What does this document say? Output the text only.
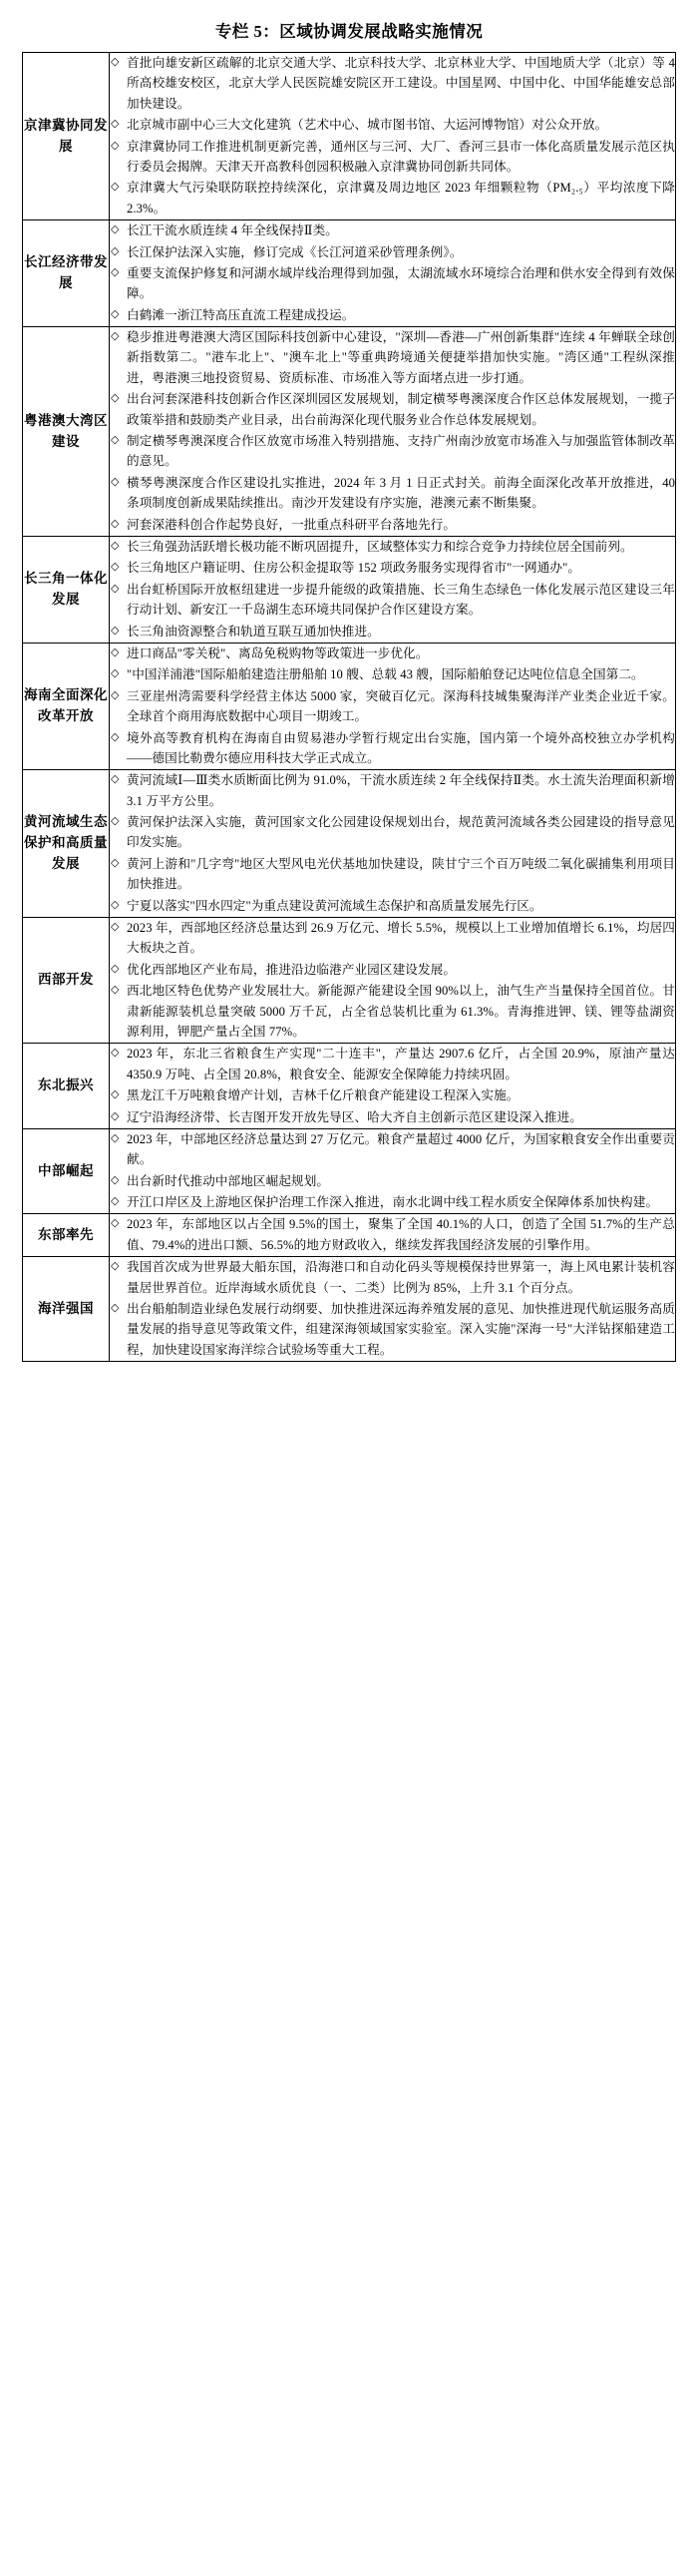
专栏 5：区域协调发展战略实施情况
京津冀协同发展	
◇ 首批向雄安新区疏解的北京交通大学、北京科技大学、北京林业大学、中国地质大学（北京）等 4 所高校雄安校区，北京大学人民医院雄安院区开工建设。中国星网、中国中化、中国华能雄安总部加快建设。
◇ 北京城市副中心三大文化建筑（艺术中心、城市图书馆、大运河博物馆）对公众开放。
◇ 京津冀协同工作推进机制更新完善，通州区与三河、大厂、香河三县市一体化高质量发展示范区执行委员会揭牌。天津天开高教科创园积极融入京津冀协同创新共同体。
◇ 京津冀大气污染联防联控持续深化，京津冀及周边地区 2023 年细颗粒物（PM₂.₅）平均浓度下降 2.3%。

长江经济带发展	
◇ 长江干流水质连续 4 年全线保持Ⅱ类。
◇ 长江保护法深入实施，修订完成《长江河道采砂管理条例》。
◇ 重要支流保护修复和河湖水域岸线治理得到加强，太湖流域水环境综合治理和供水安全得到有效保障。
◇ 白鹤滩一浙江特高压直流工程建成投运。

粤港澳大湾区建设	
◇ 稳步推进粤港澳大湾区国际科技创新中心建设，"深圳—香港—广州创新集群"连续 4 年蝉联全球创新指数第二。"港车北上"、"澳车北上"等重典跨境通关便捷举措加快实施。"湾区通"工程纵深推进，粤港澳三地投资贸易、资质标准、市场准入等方面堵点进一步打通。
◇ 出台河套深港科技创新合作区深圳园区发展规划，制定横琴粤澳深度合作区总体发展规划，一揽子政策举措和鼓励类产业目录，出台前海深化现代服务业合作总体发展规划。
◇ 制定横琴粤澳深度合作区放宽市场准入特别措施、支持广州南沙放宽市场准入与加强监管体制改革的意见。
◇ 横琴粤澳深度合作区建设扎实推进，2024 年 3 月 1 日正式封关。前海全面深化改革开放推进，40 条项制度创新成果陆续推出。南沙开发建设有序实施，港澳元素不断集聚。
◇ 河套深港科创合作起势良好，一批重点科研平台落地先行。

长三角一体化发展	
◇ 长三角强劲活跃增长极功能不断巩固提升，区域整体实力和综合竞争力持续位居全国前列。
◇ 长三角地区户籍证明、住房公积金提取等 152 项政务服务实现得省市"一网通办"。
◇ 出台虹桥国际开放枢纽建进一步提升能级的政策措施、长三角生态绿色一体化发展示范区建设三年行动计划、新安江一千岛湖生态环境共同保护合作区建设方案。
◇ 长三角油资源整合和轨道互联互通加快推进。

海南全面深化改革开放	
◇ 进口商品"零关税"、离岛免税购物等政策进一步优化。
◇ "中国洋浦港"国际船舶建造注册船舶 10 艘、总载 43 艘，国际船舶登记达吨位信息全国第二。
◇ 三亚崖州湾需要科学经营主体达 5000 家，突破百亿元。深海科技城集聚海洋产业类企业近千家。全球首个商用海底数据中心项目一期竣工。
◇ 境外高等教育机构在海南自由贸易港办学暂行规定出台实施，国内第一个境外高校独立办学机构——德国比勒费尔德应用科技大学正式成立。

黄河流域生态保护和高质量发展	
◇ 黄河流域Ⅰ—Ⅲ类水质断面比例为 91.0%，干流水质连续 2 年全线保持Ⅱ类。水土流失治理面积新增 3.1 万平方公里。
◇ 黄河保护法深入实施，黄河国家文化公园建设保规划出台，规范黄河流域各类公园建设的指导意见印发实施。
◇ 黄河上游和"几字弯"地区大型风电光伏基地加快建设，陕甘宁三个百万吨级二氧化碳捕集利用项目加快推进。
◇ 宁夏以落实"四水四定"为重点建设黄河流域生态保护和高质量发展先行区。

西部开发	
◇ 2023 年，西部地区经济总量达到 26.9 万亿元、增长 5.5%，规模以上工业增加值增长 6.1%，均居四大板块之首。
◇ 优化西部地区产业布局，推进沿边临港产业园区建设发展。
◇ 西北地区特色优势产业发展壮大。新能源产能建设全国 90%以上，油气生产当量保持全国首位。甘肃新能源装机总量突破 5000 万千瓦，占全省总装机比重为 61.3%。青海推进钾、镁、锂等盐湖资源利用，钾肥产量占全国 77%。

东北振兴	
◇ 2023 年，东北三省粮食生产实现"二十连丰"，产量达 2907.6 亿斤，占全国 20.9%，原油产量达 4350.9 万吨、占全国 20.8%，粮食安全、能源安全保障能力持续巩固。
◇ 黑龙江千万吨粮食增产计划，吉林千亿斤粮食产能建设工程深入实施。
◇ 辽宁沿海经济带、长吉图开发开放先导区、哈大齐自主创新示范区建设深入推进。

中部崛起	
◇ 2023 年，中部地区经济总量达到 27 万亿元。粮食产量超过 4000 亿斤，为国家粮食安全作出重要贡献。
◇ 出台新时代推动中部地区崛起规划。
◇ 开江口岸区及上游地区保护治理工作深入推进，南水北调中线工程水质安全保障体系加快构建。

东部率先	
◇ 2023 年，东部地区以占全国 9.5%的国土，聚集了全国 40.1%的人口，创造了全国 51.7%的生产总值、79.4%的进出口额、56.5%的地方财政收入，继续发挥我国经济发展的引擎作用。

海洋强国	
◇ 我国首次成为世界最大船东国，沿海港口和自动化码头等规模保持世界第一，海上风电累计装机容量居世界首位。近岸海域水质优良（一、二类）比例为 85%，上升 3.1 个百分点。
◇ 出台船舶制造业绿色发展行动纲要、加快推进深远海养殖发展的意见、加快推进现代航运服务高质量发展的指导意见等政策文件，组建深海领域国家实验室。深入实施"深海一号"大洋钻探船建造工程，加快建设国家海洋综合试验场等重大工程。
